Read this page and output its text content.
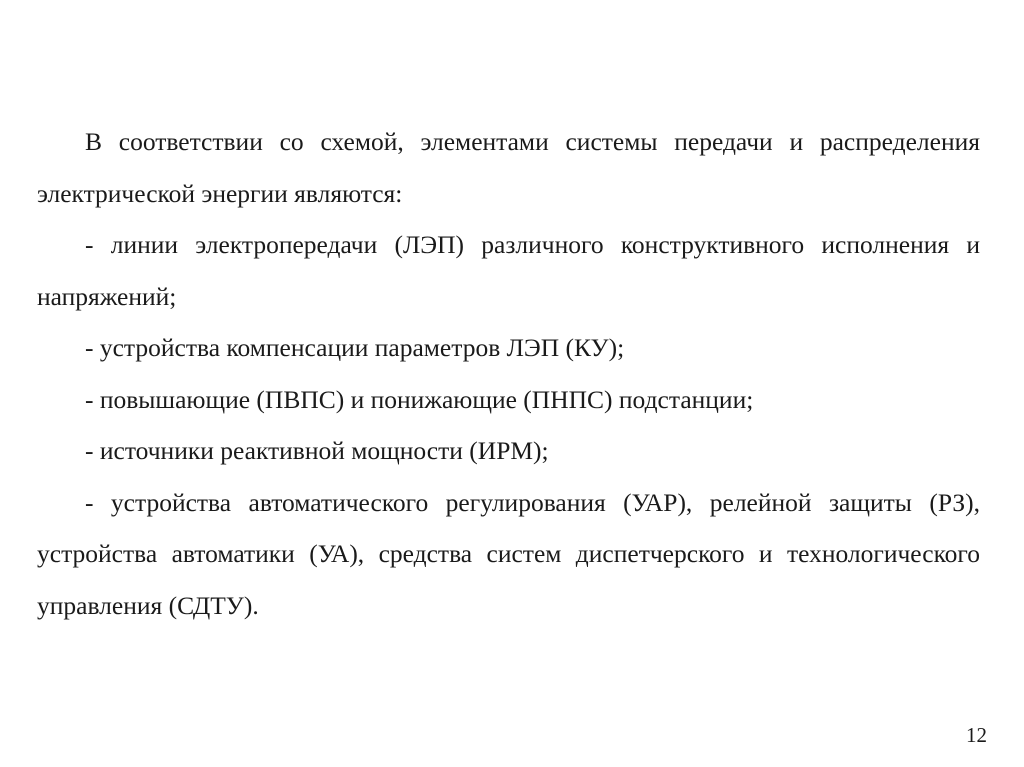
В соответствии со схемой, элементами системы передачи и распределения электрической энергии являются:

- линии электропередачи (ЛЭП) различного конструктивного исполнения и напряжений;

- устройства компенсации параметров ЛЭП (КУ);

- повышающие (ПВПС) и понижающие (ПНПС) подстанции;

- источники реактивной мощности (ИРМ);

- устройства автоматического регулирования (УАР), релейной защиты (РЗ), устройства автоматики (УА), средства систем диспетчерского и технологического управления (СДТУ).

12
